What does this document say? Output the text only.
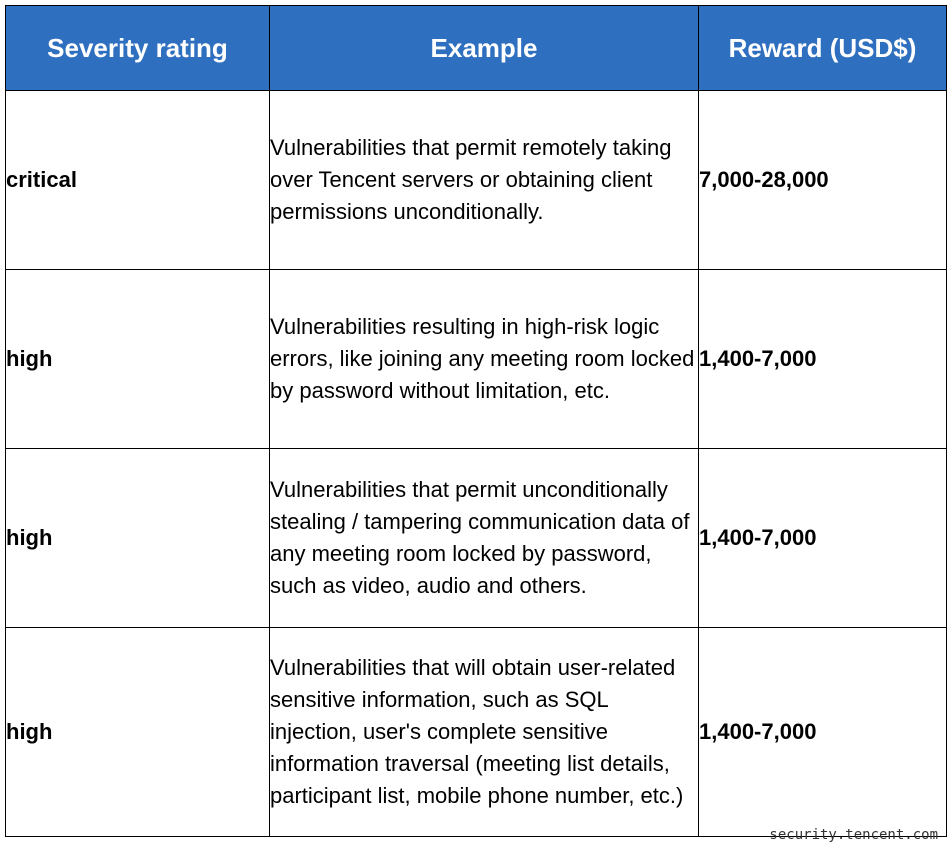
Severity rating	Example	Reward (USD$)
critical	Vulnerabilities that permit remotely taking over Tencent servers or obtaining client permissions unconditionally.	7,000-28,000
high	Vulnerabilities resulting in high-risk logic errors, like joining any meeting room locked by password without limitation, etc.	1,400-7,000
high	Vulnerabilities that permit unconditionally stealing / tampering communication data of any meeting room locked by password, such as video, audio and others.	1,400-7,000
high	Vulnerabilities that will obtain user-related sensitive information, such as SQL injection, user's complete sensitive information traversal (meeting list details, participant list, mobile phone number, etc.)	1,400-7,000
security.tencent.com
